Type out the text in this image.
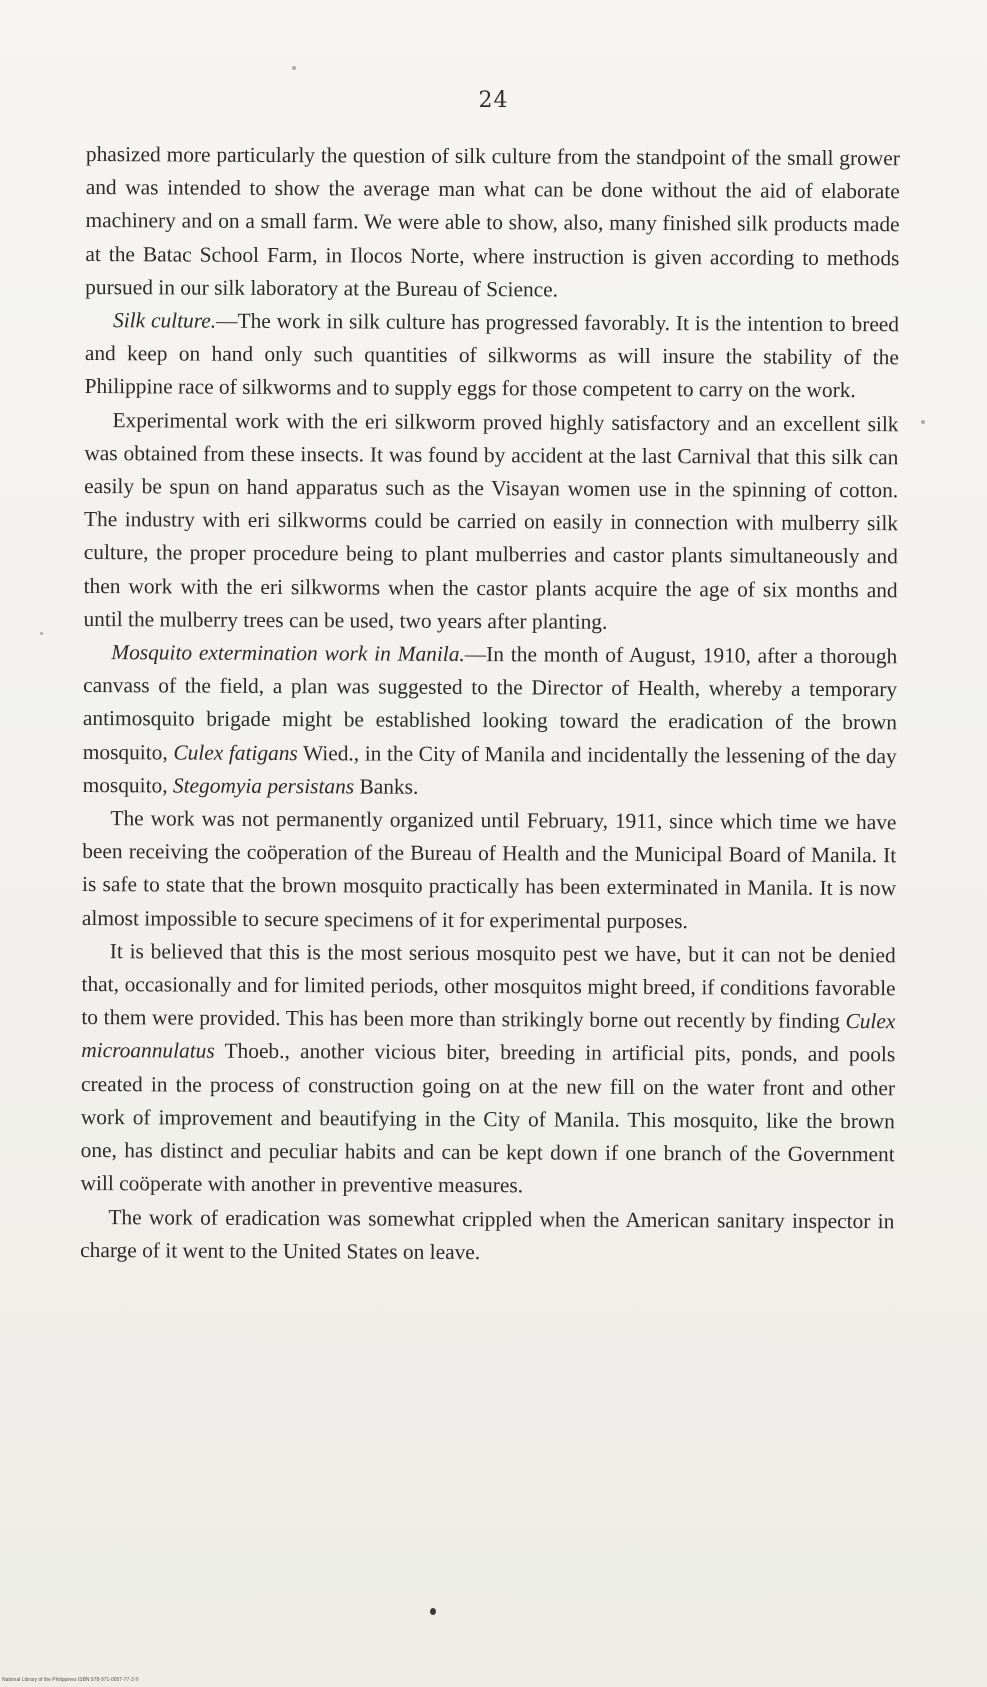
24

phasized more particularly the question of silk culture from the standpoint of the small grower and was intended to show the average man what can be done without the aid of elaborate machinery and on a small farm. We were able to show, also, many finished silk products made at the Batac School Farm, in Ilocos Norte, where instruction is given according to methods pursued in our silk laboratory at the Bureau of Science.

Silk culture.—The work in silk culture has progressed favorably. It is the intention to breed and keep on hand only such quantities of silkworms as will insure the stability of the Philippine race of silkworms and to supply eggs for those competent to carry on the work.

Experimental work with the eri silkworm proved highly satisfactory and an excellent silk was obtained from these insects. It was found by accident at the last Carnival that this silk can easily be spun on hand apparatus such as the Visayan women use in the spinning of cotton. The industry with eri silkworms could be carried on easily in connection with mulberry silk culture, the proper procedure being to plant mulberries and castor plants simultaneously and then work with the eri silkworms when the castor plants acquire the age of six months and until the mulberry trees can be used, two years after planting.

Mosquito extermination work in Manila.—In the month of August, 1910, after a thorough canvass of the field, a plan was suggested to the Director of Health, whereby a temporary antimosquito brigade might be established looking toward the eradication of the brown mosquito, Culex fatigans Wied., in the City of Manila and incidentally the lessening of the day mosquito, Stegomyia persistans Banks.

The work was not permanently organized until February, 1911, since which time we have been receiving the coöperation of the Bureau of Health and the Municipal Board of Manila. It is safe to state that the brown mosquito practically has been exterminated in Manila. It is now almost impossible to secure specimens of it for experimental purposes.

It is believed that this is the most serious mosquito pest we have, but it can not be denied that, occasionally and for limited periods, other mosquitos might breed, if conditions favorable to them were provided. This has been more than strikingly borne out recently by finding Culex microannulatus Thoeb., another vicious biter, breeding in artificial pits, ponds, and pools created in the process of construction going on at the new fill on the water front and other work of improvement and beautifying in the City of Manila. This mosquito, like the brown one, has distinct and peculiar habits and can be kept down if one branch of the Government will coöperate with another in preventive measures.

The work of eradication was somewhat crippled when the American sanitary inspector in charge of it went to the United States on leave.

National Library of the Philippines ISBN 978-971-0057-77-3 ©
